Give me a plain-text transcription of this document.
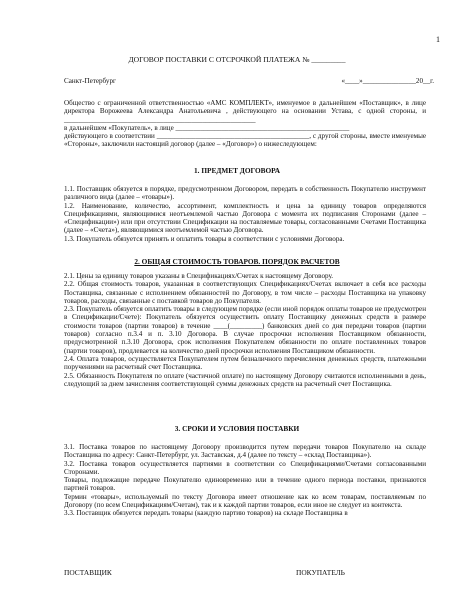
1
ДОГОВОР ПОСТАВКИ С ОТСРОЧКОЙ ПЛАТЕЖА № _________
Санкт-Петербург	«____»_______________20__г.

Общество с ограниченной ответственностью «АМС КОМПЛЕКТ», именуемое в дальнейшем «Поставщик», в лице директора Ворожеева Александра Анатольевича , действующего на основании Устава, с одной стороны, и ______________________________________________________

в дальнейшем «Покупатель», в лице _________________________________________________

действующего в соответствии ___________________________________________, с другой стороны, вместе именуемые «Стороны», заключили настоящий договор (далее – «Договор») о нижеследующем:

1. ПРЕДМЕТ ДОГОВОРА

1.1. Поставщик обязуется в порядке, предусмотренном Договором, передать в собственность Покупателю инструмент различного вида (далее – «товары»).

1.2. Наименование, количество, ассортимент, комплектность и цена за единицу товаров определяются Спецификациями, являющимися неотъемлемой частью Договора с момента их подписания Сторонами (далее – «Спецификации») или при отсутствии Спецификации на поставляемые товары, согласованными Счетами Поставщика (далее – «Счета»), являющимися неотъемлемой частью Договора.

1.3. Покупатель обязуется принять и оплатить товары в соответствии с условиями Договора.

2. ОБЩАЯ СТОИМОСТЬ ТОВАРОВ. ПОРЯДОК РАСЧЕТОВ

2.1. Цены за единицу товаров указаны в Спецификациях/Счетах к настоящему Договору.

2.2. Общая стоимость товаров, указанная в соответствующих Спецификациях/Счетах включает в себя все расходы Поставщика, связанные с исполнением обязанностей по Договору, в том числе – расходы Поставщика на упаковку товаров, расходы, связанные с поставкой товаров до Покупателя.

2.3. Покупатель обязуется оплатить товары в следующем порядке (если иной порядок оплаты товаров не предусмотрен в Спецификации/Счете): Покупатель обязуется осуществить оплату Поставщику денежных средств в размере стоимости товаров (партии товаров) в течение ____(_________) банковских дней со дня передачи товаров (партии товаров) согласно п.3.4 и п. 3.10 Договора. В случае просрочки исполнения Поставщиком обязанности, предусмотренной п.3.10 Договора, срок исполнения Покупателем обязанности по оплате поставленных товаров (партии товаров), продлевается на количество дней просрочки исполнения Поставщиком обязанности.

2.4. Оплата товаров, осуществляется Покупателем путем безналичного перечисления денежных средств, платежными поручениями на расчетный счет Поставщика.

2.5. Обязанность Покупателя по оплате (частичной оплате) по настоящему Договору считаются исполненными в день, следующий за днем зачисления соответствующей суммы денежных средств на расчетный счет Поставщика.

3. СРОКИ И УСЛОВИЯ ПОСТАВКИ

3.1. Поставка товаров по настоящему Договору производится путем передачи товаров Покупателю на складе Поставщика по адресу: Санкт-Петербург, ул. Заставская, д.4 (далее по тексту – «склад Поставщика»).

3.2. Поставка товаров осуществляется партиями в соответствии со Спецификациями/Счетами согласованными Сторонами.

Товары, подлежащие передаче Покупателю единовременно или в течение одного периода поставки, признаются партией товаров.

Термин «товары», используемый по тексту Договора имеет отношение как ко всем товарам, поставляемым по Договору (по всем Спецификациям/Счетам), так и к каждой партии товаров, если иное не следует из контекста.

3.3. Поставщик обязуется передать товары (каждую партию товаров) на складе Поставщика в

ПОСТАВЩИК	ПОКУПАТЕЛЬ
